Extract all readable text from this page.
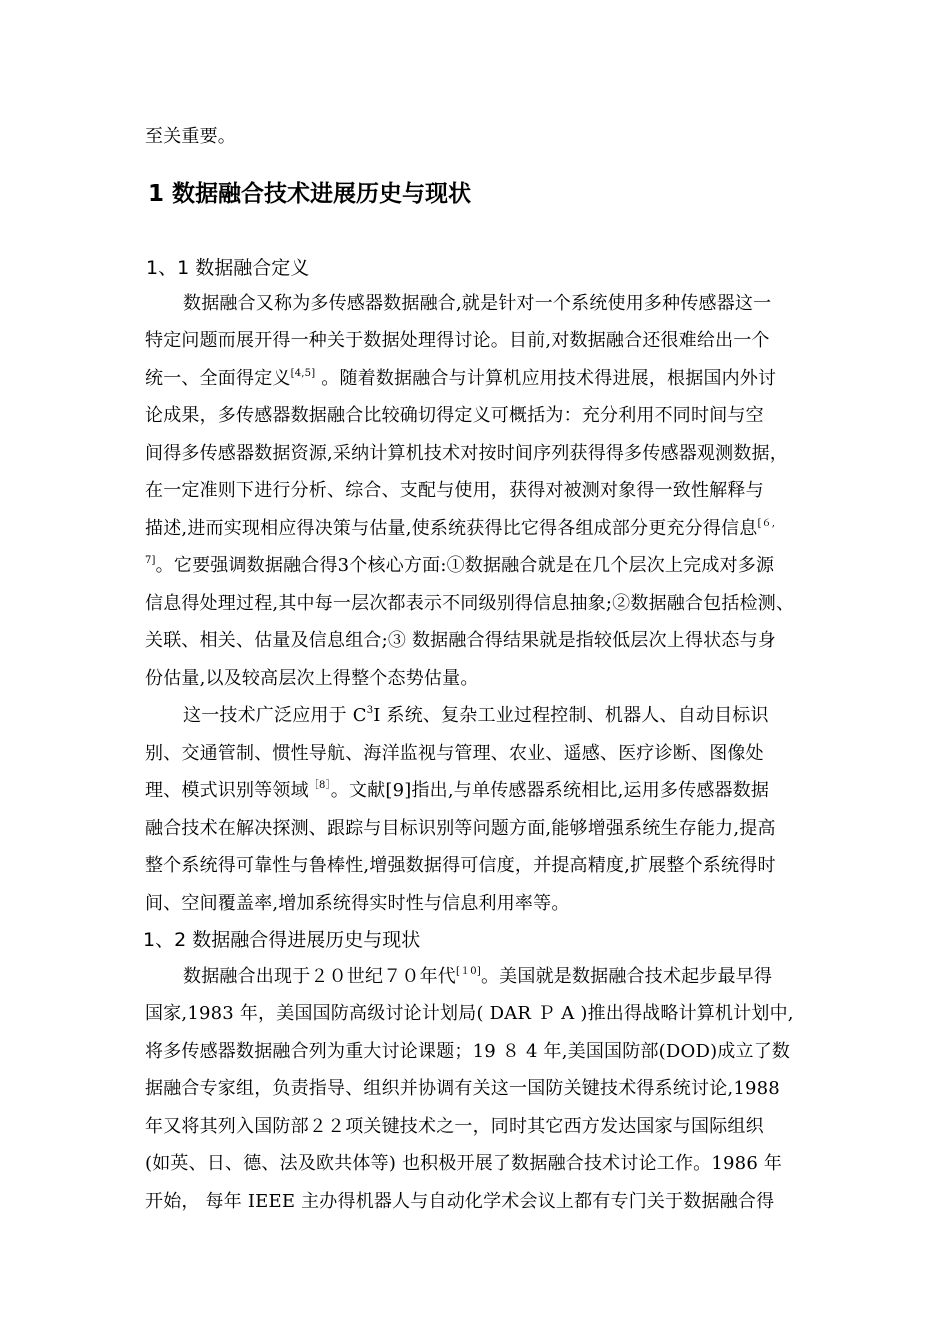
至关重要。
1 数据融合技术进展历史与现状
1、1 数据融合定义
数据融合又称为多传感器数据融合,就是针对一个系统使用多种传感器这一
特定问题而展开得一种关于数据处理得讨论。目前,对数据融合还很难给出一个
统一、全面得定义[4,5] 。随着数据融合与计算机应用技术得进展，根据国内外讨
论成果，多传感器数据融合比较确切得定义可概括为：充分利用不同时间与空
间得多传感器数据资源,采纳计算机技术对按时间序列获得得多传感器观测数据，
在一定准则下进行分析、综合、支配与使用，获得对被测对象得一致性解释与
描述,进而实现相应得决策与估量,使系统获得比它得各组成部分更充分得信息$^{[6,}$
$^{7]}$。它要强调数据融合得3个核心方面:①数据融合就是在几个层次上完成对多源
信息得处理过程,其中每一层次都表示不同级别得信息抽象;②数据融合包括检测、
关联、相关、估量及信息组合;③ 数据融合得结果就是指较低层次上得状态与身
份估量,以及较高层次上得整个态势估量。
这一技术广泛应用于 $C^3I$ 系统、复杂工业过程控制、机器人、自动目标识
别、交通管制、惯性导航、海洋监视与管理、农业、遥感、医疗诊断、图像处
理、模式识别等领域$^{[8]}$。文献[9]指出,与单传感器系统相比,运用多传感器数据
融合技术在解决探测、跟踪与目标识别等问题方面,能够增强系统生存能力,提高
整个系统得可靠性与鲁棒性,增强数据得可信度，并提高精度,扩展整个系统得时
间、空间覆盖率,增加系统得实时性与信息利用率等。
1、2 数据融合得进展历史与现状
数据融合出现于２０世纪７０年代[１0]。美国就是数据融合技术起步最早得
国家,1983 年，美国国防高级讨论计划局( DAR Ｐ A )推出得战略计算机计划中,
将多传感器数据融合列为重大讨论课题；19 ８ 4 年,美国国防部(DOD)成立了数
据融合专家组，负责指导、组织并协调有关这一国防关键技术得系统讨论,1988
年又将其列入国防部２２项关键技术之一，同时其它西方发达国家与国际组织
(如英、日、德、法及欧共体等) 也积极开展了数据融合技术讨论工作。1986 年
开始， 每年 IEEE 主办得机器人与自动化学术会议上都有专门关于数据融合得
